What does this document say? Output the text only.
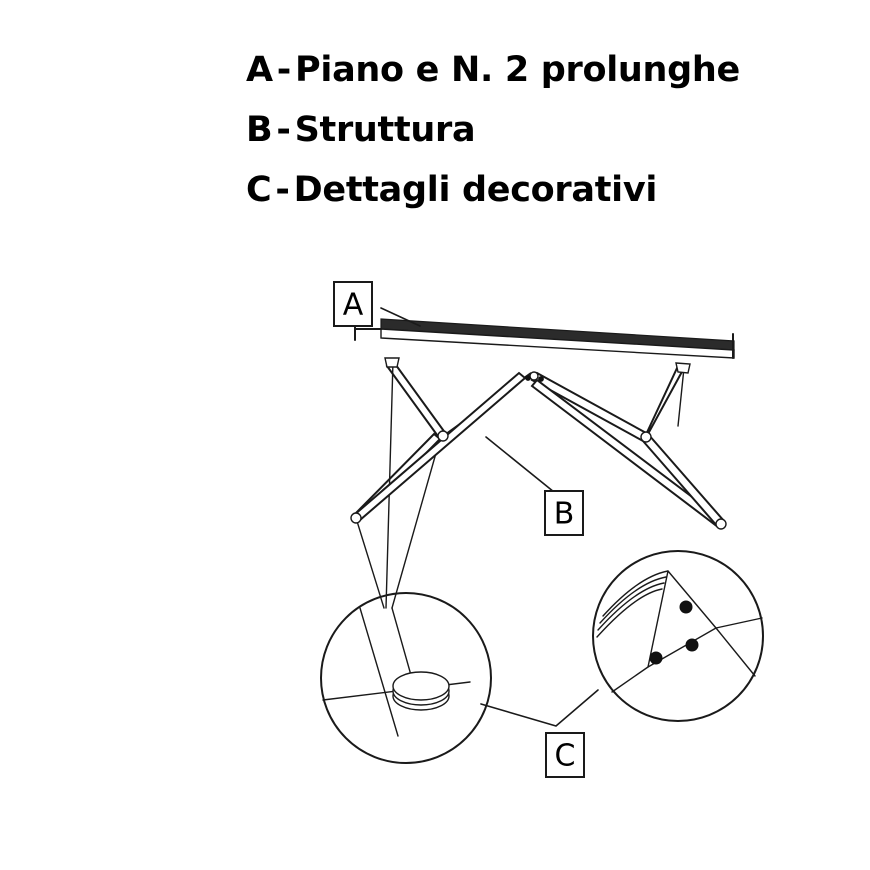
A - Piano e N. 2 prolunghe
B - Struttura
C - Dettagli decorativi
A
B
C
